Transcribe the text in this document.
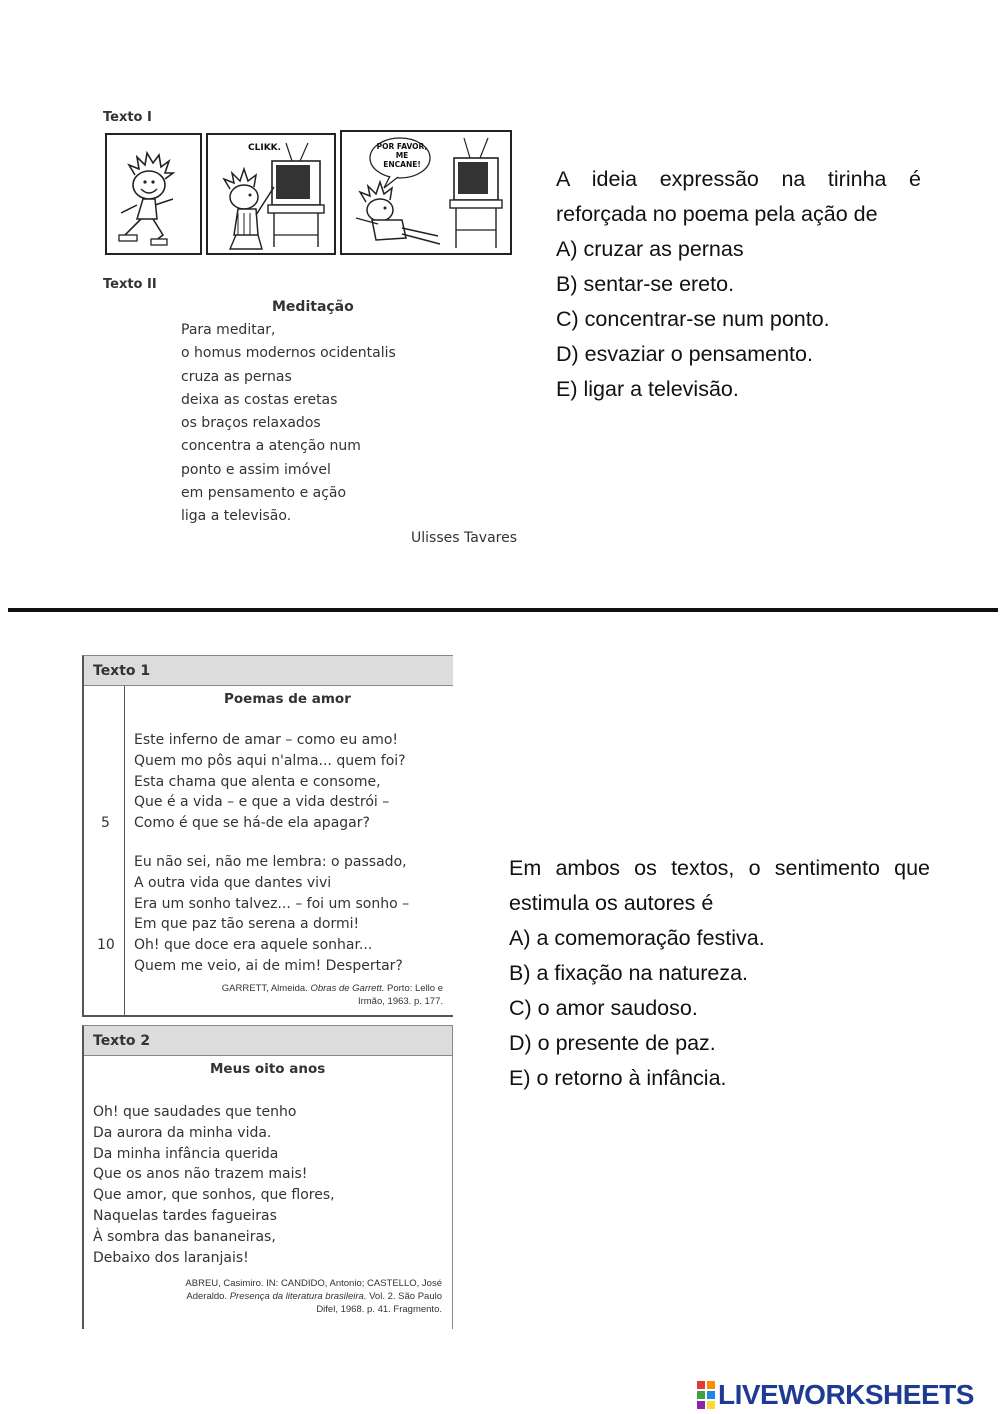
Texto I
CLIKK.	POR FAVOR,
ME
ENCANE!
Texto II
Meditação
Para meditar,
o homus modernos ocidentalis
cruza as pernas
deixa as costas eretas
os braços relaxados
concentra a atenção num
ponto e assim imóvel
em pensamento e ação
liga a televisão.
Ulisses Tavares
A ideia expressão na tirinha é reforçada no poema pela ação de
A) cruzar as pernas
B) sentar-se ereto.
C) concentrar-se num ponto.
D) esvaziar o pensamento.
E) ligar a televisão.
Texto 1
Poemas de amor
Este inferno de amar – como eu amo!
Quem mo pôs aqui n'alma... quem foi?
Esta chama que alenta e consome,
Que é a vida – e que a vida destrói –
Como é que se há-de ela apagar?
5
Eu não sei, não me lembra: o passado,
A outra vida que dantes vivi
Era um sonho talvez... – foi um sonho –
Em que paz tão serena a dormi!
Oh! que doce era aquele sonhar...
Quem me veio, ai de mim! Despertar?
10
GARRETT, Almeida. Obras de Garrett. Porto: Lello e
Irmão, 1963. p. 177.
Texto 2
Meus oito anos
Oh! que saudades que tenho
Da aurora da minha vida.
Da minha infância querida
Que os anos não trazem mais!
Que amor, que sonhos, que flores,
Naquelas tardes fagueiras
À sombra das bananeiras,
Debaixo dos laranjais!
ABREU, Casimiro. IN: CANDIDO, Antonio; CASTELLO, José
Aderaldo. Presença da literatura brasileira. Vol. 2. São Paulo
Difel, 1968. p. 41. Fragmento.
Em ambos os textos, o sentimento que estimula os autores é
A) a comemoração festiva.
B) a fixação na natureza.
C) o amor saudoso.
D) o presente de paz.
E) o retorno à infância.
LIVEWORKSHEETS
